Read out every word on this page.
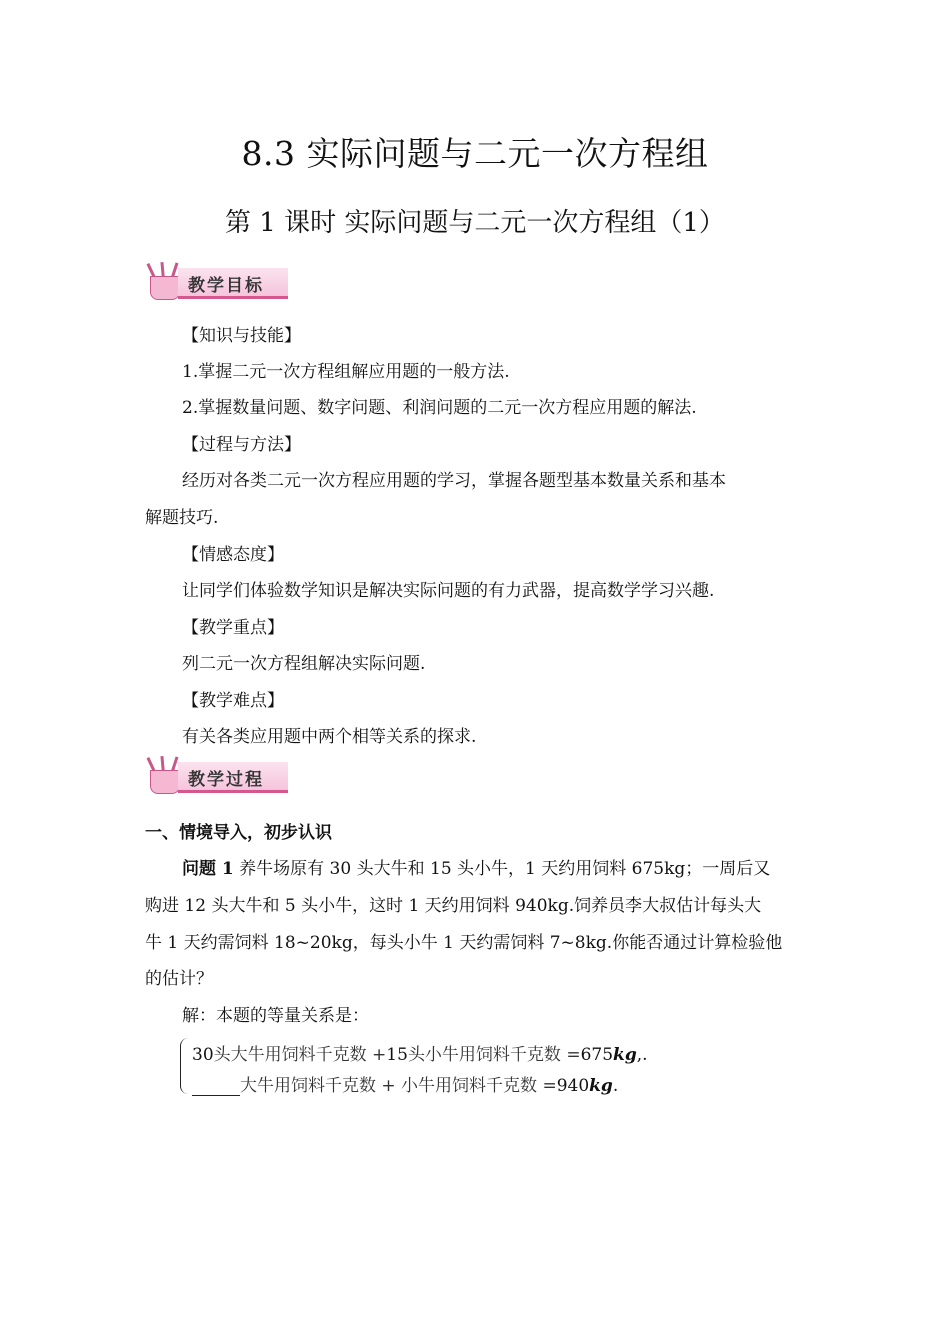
8.3 实际问题与二元一次方程组
第 1 课时 实际问题与二元一次方程组（1）
教学目标
【知识与技能】
1.掌握二元一次方程组解应用题的一般方法.
2.掌握数量问题、数字问题、利润问题的二元一次方程应用题的解法.
【过程与方法】
经历对各类二元一次方程应用题的学习，掌握各题型基本数量关系和基本
解题技巧.
【情感态度】
让同学们体验数学知识是解决实际问题的有力武器，提高数学学习兴趣.
【教学重点】
列二元一次方程组解决实际问题.
【教学难点】
有关各类应用题中两个相等关系的探求.
教学过程
一、情境导入，初步认识
问题 1 养牛场原有 30 头大牛和 15 头小牛，1 天约用饲料 675kg；一周后又
购进 12 头大牛和 5 头小牛，这时 1 天约用饲料 940kg.饲养员李大叔估计每头大
牛 1 天约需饲料 18~20kg，每头小牛 1 天约需饲料 7~8kg.你能否通过计算检验他
的估计？
解：本题的等量关系是：
30头大牛用饲料千克数 +15头小牛用饲料千克数 =675kg,.
大牛用饲料千克数 + 小牛用饲料千克数 =940kg.
